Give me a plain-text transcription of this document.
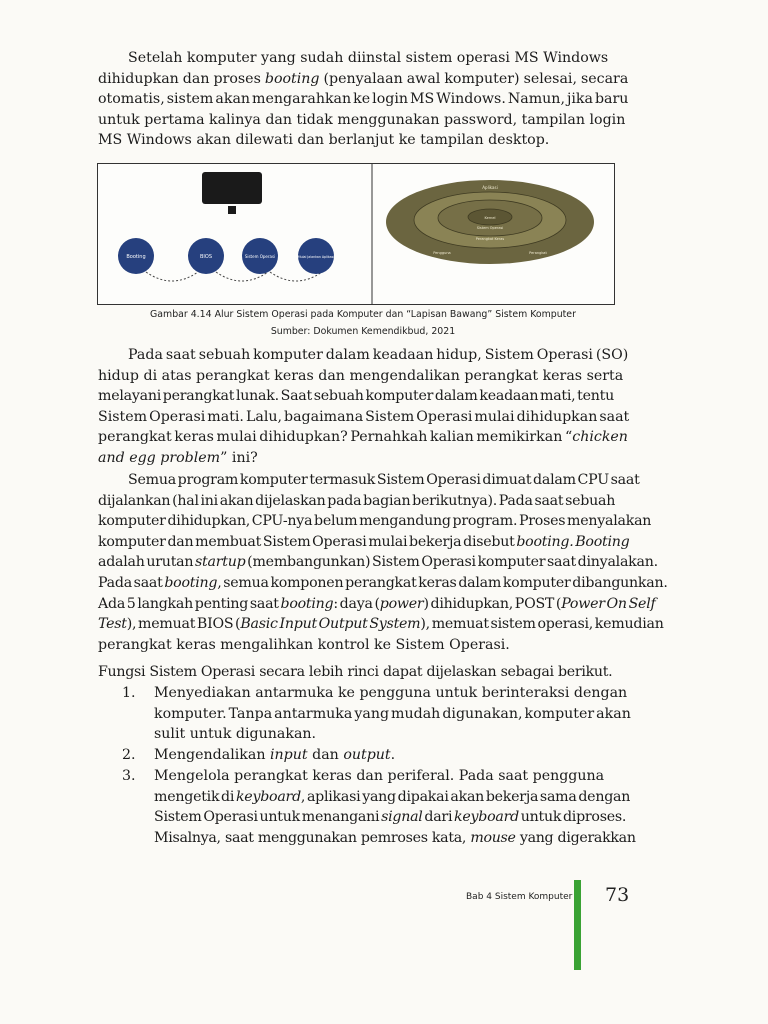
Setelah komputer yang sudah diinstal sistem operasi MS Windows
dihidupkan dan proses booting (penyalaan awal komputer) selesai, secara
otomatis, sistem akan mengarahkan ke login MS Windows. Namun, jika baru
untuk pertama kalinya dan tidak menggunakan password, tampilan login
MS Windows akan dilewati dan berlanjut ke tampilan desktop.
Booting	BIOS	Sistem Operasi	Mulai Jalankan Aplikasi
Aplikasi
Pengguna	Perangkat
Sistem Operasi
Kernel
Perangkat Keras
Gambar 4.14 Alur Sistem Operasi pada Komputer dan “Lapisan Bawang” Sistem Komputer
Sumber: Dokumen Kemendikbud, 2021
Pada saat sebuah komputer dalam keadaan hidup, Sistem Operasi (SO)
hidup di atas perangkat keras dan mengendalikan perangkat keras serta
melayani perangkat lunak. Saat sebuah komputer dalam keadaan mati, tentu
Sistem Operasi mati. Lalu, bagaimana Sistem Operasi mulai dihidupkan saat
perangkat keras mulai dihidupkan? Pernahkah kalian memikirkan “chicken
and egg problem” ini?
Semua program komputer termasuk Sistem Operasi dimuat dalam CPU saat
dijalankan (hal ini akan dijelaskan pada bagian berikutnya). Pada saat sebuah
komputer dihidupkan, CPU-nya belum mengandung program. Proses menyalakan
komputer dan membuat Sistem Operasi mulai bekerja disebut booting. Booting
adalah urutan startup (membangunkan) Sistem Operasi komputer saat dinyalakan.
Pada saat booting, semua komponen perangkat keras dalam komputer dibangunkan.
Ada 5 langkah penting saat booting: daya (power) dihidupkan, POST (Power On Self
Test), memuat BIOS (Basic Input Output System), memuat sistem operasi, kemudian
perangkat keras mengalihkan kontrol ke Sistem Operasi.
Fungsi Sistem Operasi secara lebih rinci dapat dijelaskan sebagai berikut.
1. Menyediakan antarmuka ke pengguna untuk berinteraksi dengan
komputer. Tanpa antarmuka yang mudah digunakan, komputer akan
sulit untuk digunakan.
2. Mengendalikan input dan output.
3. Mengelola perangkat keras dan periferal. Pada saat pengguna
mengetik di keyboard, aplikasi yang dipakai akan bekerja sama dengan
Sistem Operasi untuk menangani signal dari keyboard untuk diproses.
Misalnya, saat menggunakan pemroses kata, mouse yang digerakkan
Bab 4 Sistem Komputer 73
